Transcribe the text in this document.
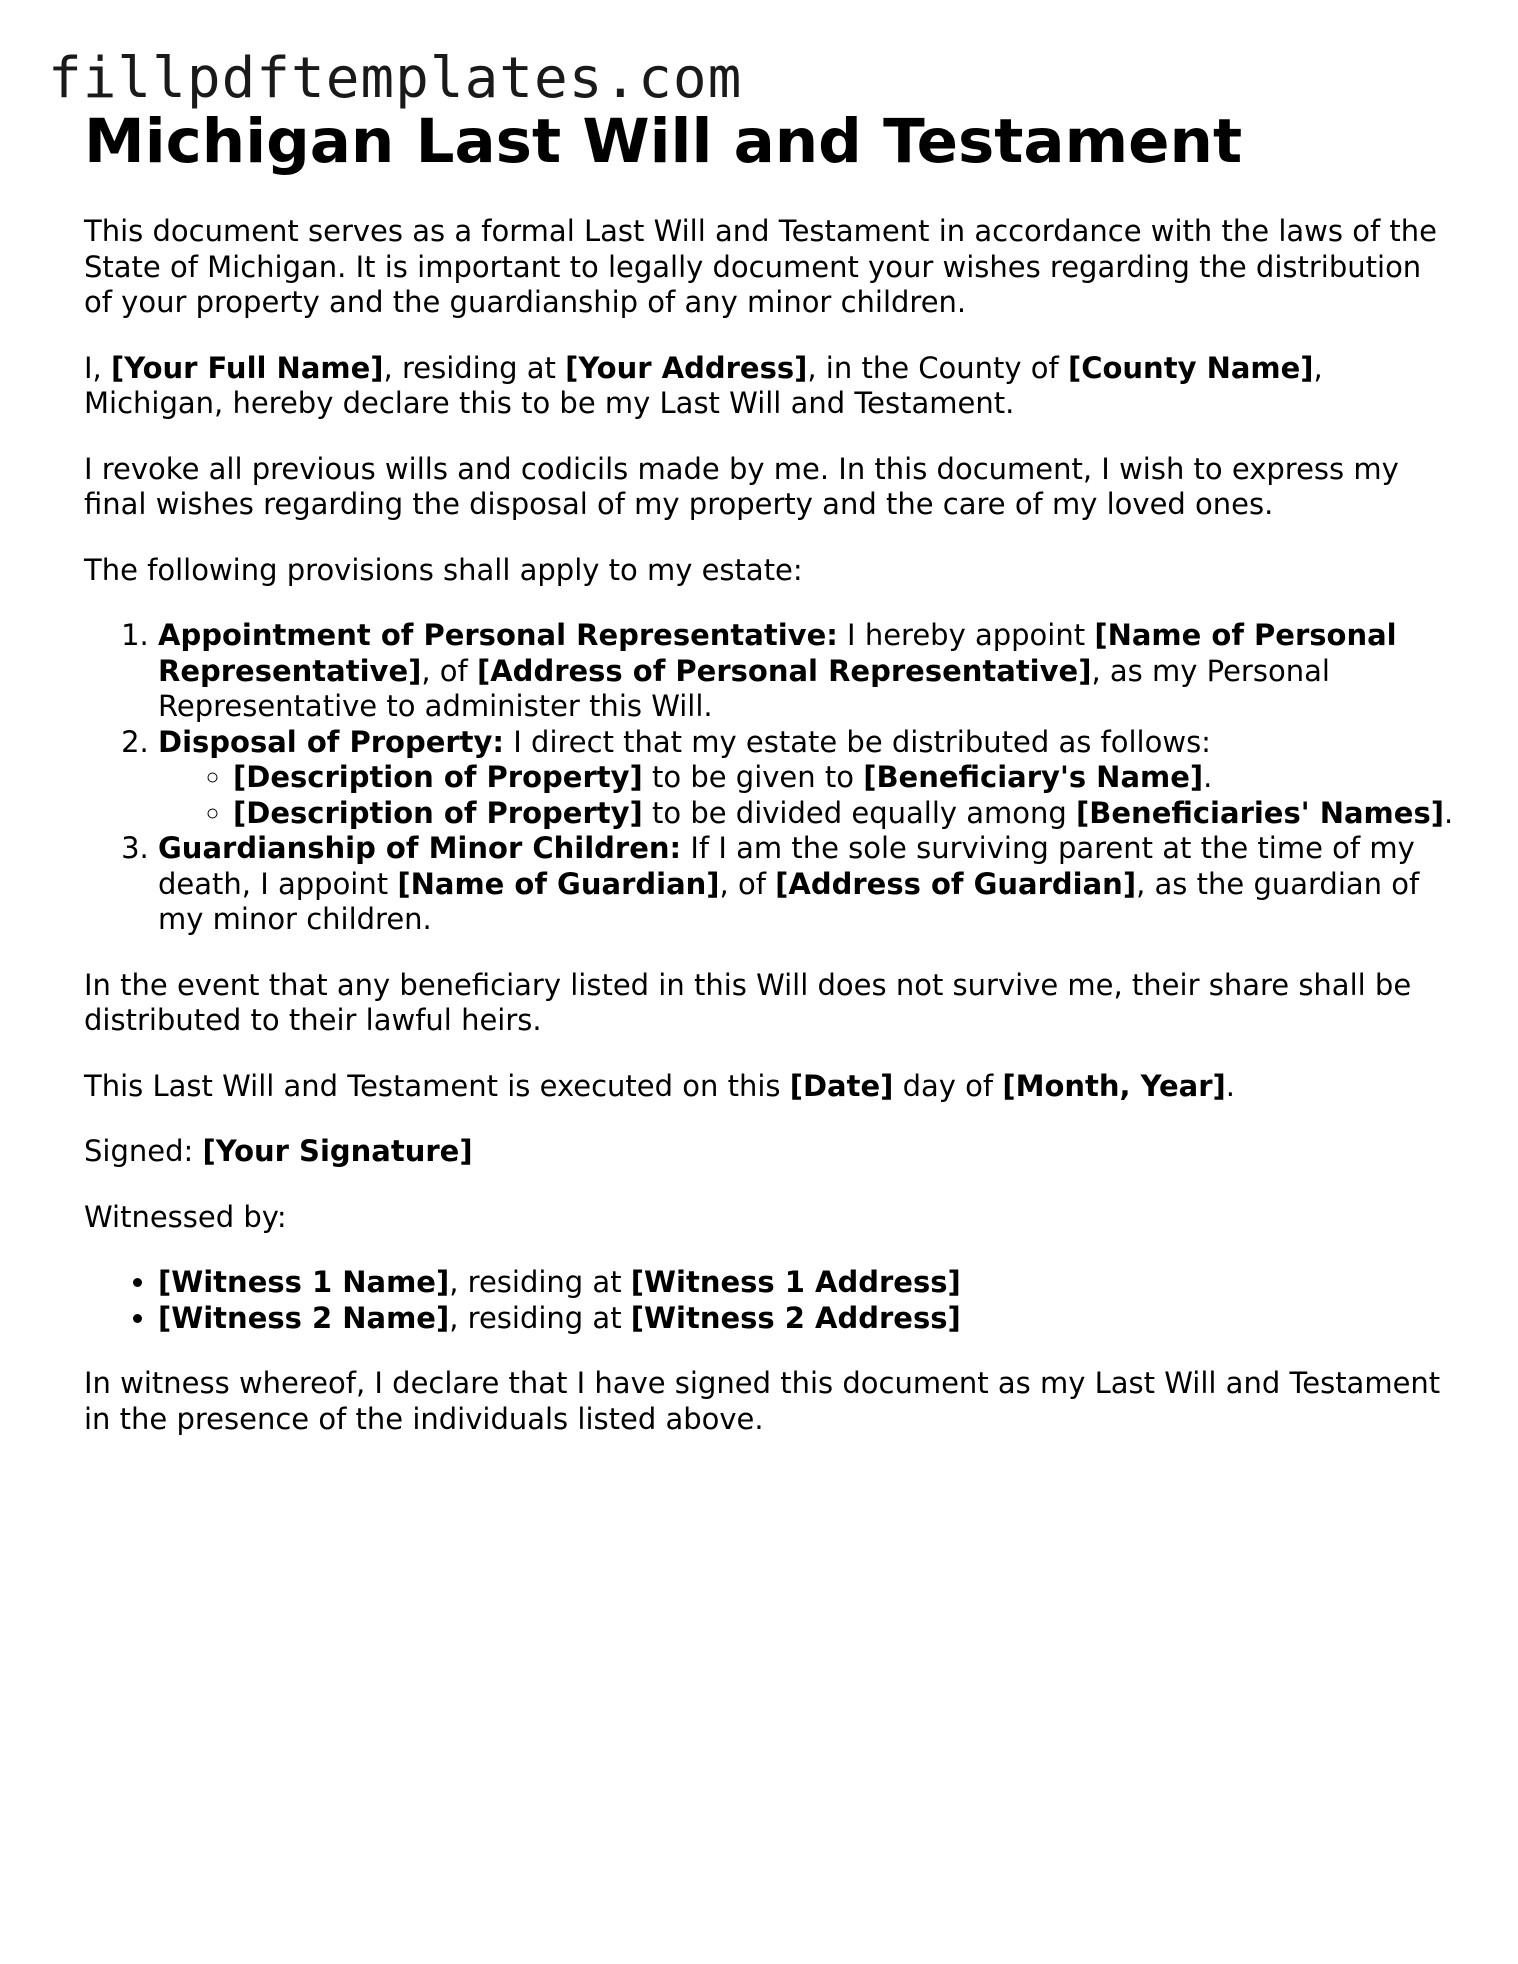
fillpdftemplates.com
Michigan Last Will and Testament

This document serves as a formal Last Will and Testament in accordance with the laws of the State of Michigan. It is important to legally document your wishes regarding the distribution of your property and the guardianship of any minor children.

I, [Your Full Name], residing at [Your Address], in the County of [County Name], Michigan, hereby declare this to be my Last Will and Testament.

I revoke all previous wills and codicils made by me. In this document, I wish to express my final wishes regarding the disposal of my property and the care of my loved ones.

The following provisions shall apply to my estate:

1. Appointment of Personal Representative: I hereby appoint [Name of Personal Representative], of [Address of Personal Representative], as my Personal Representative to administer this Will.
2. Disposal of Property: I direct that my estate be distributed as follows:
◦ [Description of Property] to be given to [Beneficiary's Name].
◦ [Description of Property] to be divided equally among [Beneficiaries' Names].
3. Guardianship of Minor Children: If I am the sole surviving parent at the time of my death, I appoint [Name of Guardian], of [Address of Guardian], as the guardian of my minor children.

In the event that any beneficiary listed in this Will does not survive me, their share shall be distributed to their lawful heirs.

This Last Will and Testament is executed on this [Date] day of [Month, Year].

Signed: [Your Signature]

Witnessed by:

• [Witness 1 Name], residing at [Witness 1 Address]
• [Witness 2 Name], residing at [Witness 2 Address]

In witness whereof, I declare that I have signed this document as my Last Will and Testament in the presence of the individuals listed above.
